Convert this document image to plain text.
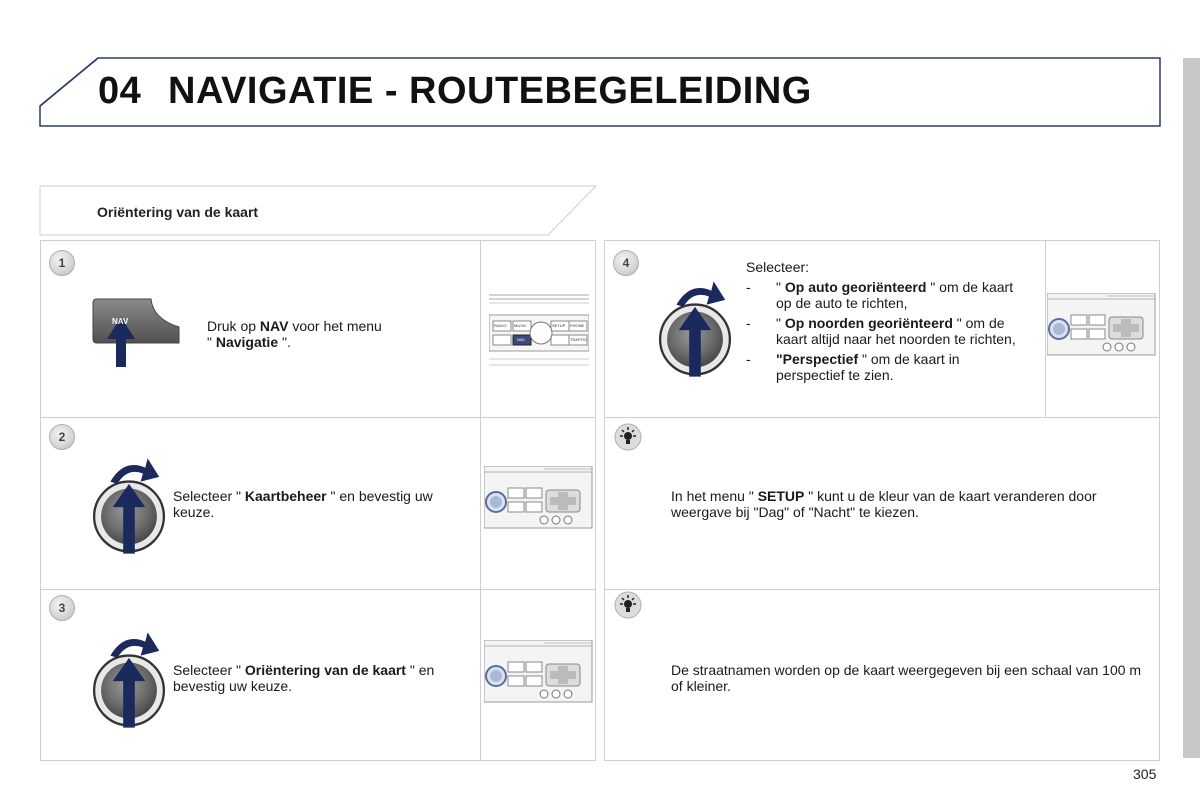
04 NAVIGATIE - ROUTEBEGELEIDING
Oriëntering van de kaart
1
NAV	Druk op NAV voor het menu
" Navigatie ".
RADIO MUSIC	SETUP PHONE
NAV	TRAFFIC
2
Selecteer " Kaartbeheer " en bevestig uw keuze.
3
Selecteer " Oriëntering van de kaart " en bevestig uw keuze.
4	Selecteer:
- " Op auto georiënteerd " om de kaart op de auto te richten,
- " Op noorden georiënteerd " om de kaart altijd naar het noorden te richten,
- "Perspectief " om de kaart in perspectief te zien.
In het menu " SETUP " kunt u de kleur van de kaart veranderen door weergave bij "Dag" of "Nacht" te kiezen.
De straatnamen worden op de kaart weergegeven bij een schaal van 100 m of kleiner.
305
